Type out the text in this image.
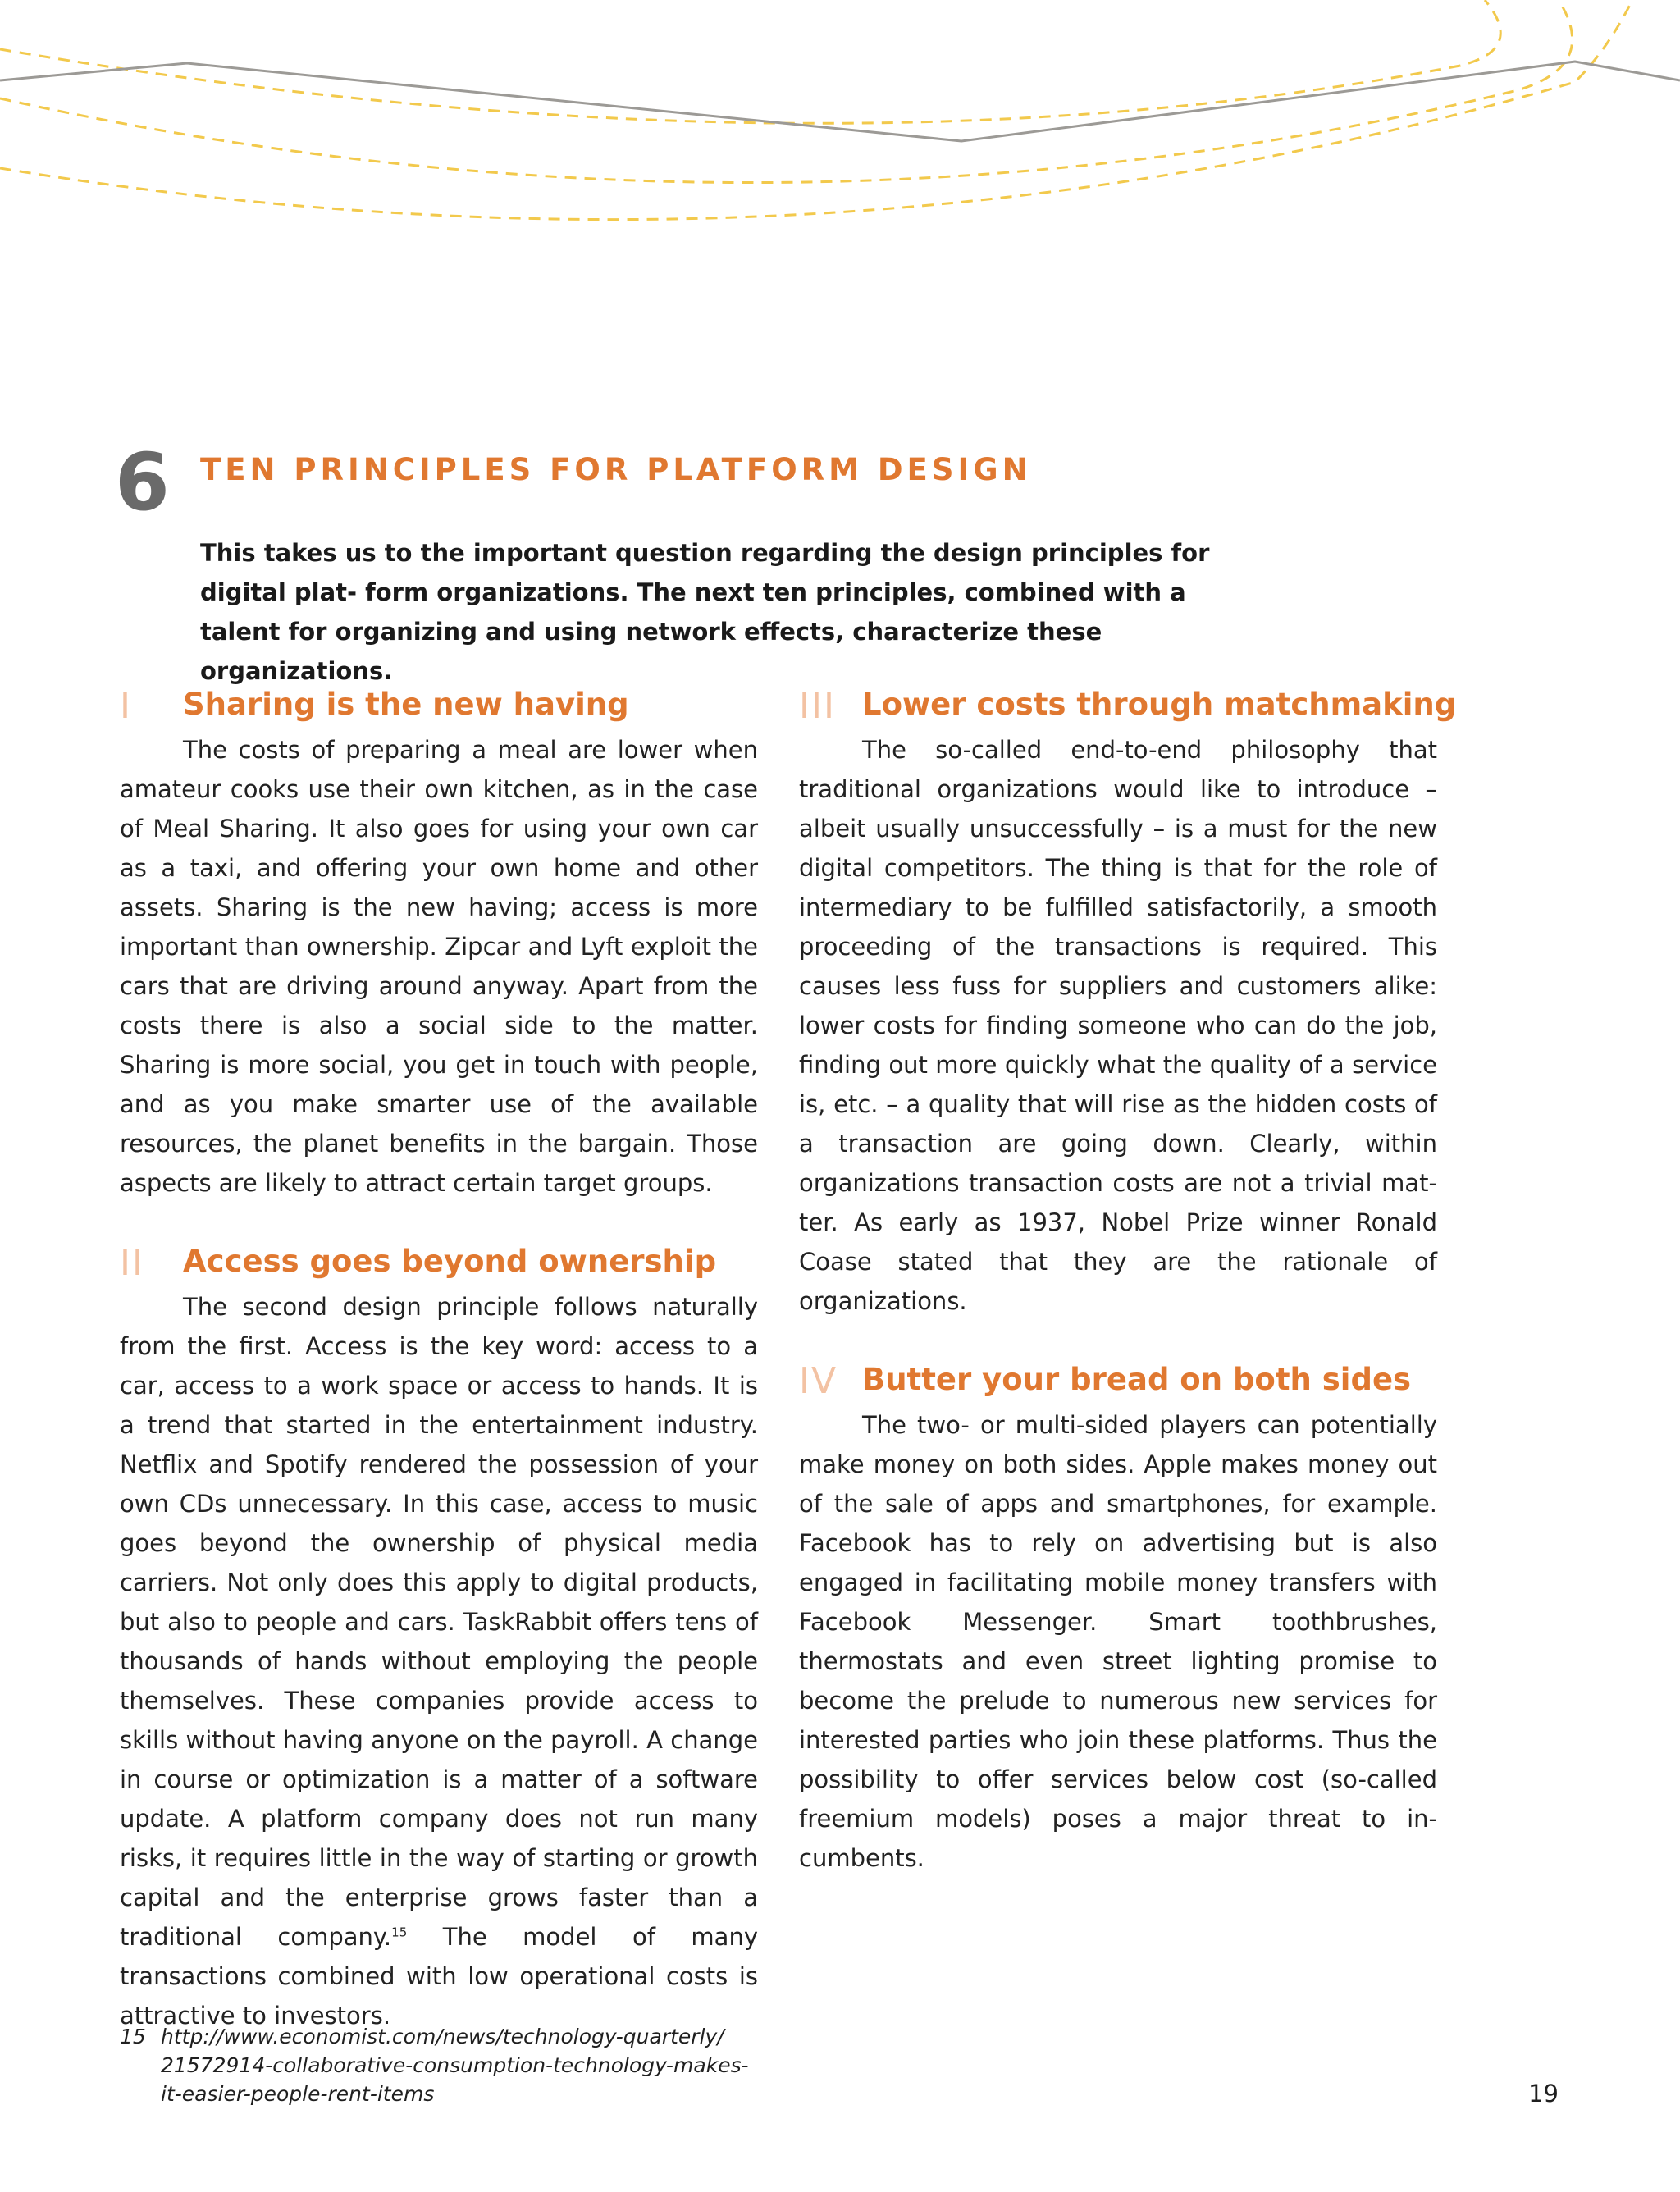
6 TEN PRINCIPLES FOR PLATFORM DESIGN
This takes us to the important question regarding the design principles for digital plat- form organizations. The next ten principles, combined with a talent for organizing and using network effects, characterize these organizations.
I Sharing is the new having

The costs of preparing a meal are lower when amateur cooks use their own kitchen, as in the case of Meal Sharing. It also goes for using your own car as a taxi, and offering your own home and other assets. Sharing is the new having; access is more important than ownership. Zipcar and Lyft exploit the cars that are driving around anyway. Apart from the costs there is also a social side to the matter. Sharing is more social, you get in touch with people, and as you make smarter use of the available resources, the planet benefits in the bargain. Those aspects are likely to attract certain target groups.

II Access goes beyond ownership

The second design principle follows naturally from the first. Access is the key word: access to a car, access to a work space or access to hands. It is a trend that started in the entertainment industry. Netflix and Spotify rendered the possession of your own CDs unnecessary. In this case, access to music goes beyond the ownership of physical media carriers. Not only does this apply to digital products, but also to people and cars. TaskRabbit offers tens of thousands of hands without employing the people themselves. These companies provide access to skills without having anyone on the payroll. A change in course or optimization is a matter of a software update. A platform company does not run many risks, it requires little in the way of starting or growth capital and the enterprise grows faster than a traditional company.$^{15}$ The model of many transactions combined with low operational costs is attractive to investors.

III Lower costs through matchmaking

The so-called end-to-end philosophy that traditional organizations would like to introduce – albeit usually unsuccessfully – is a must for the new digital competitors. The thing is that for the role of intermediary to be fulfilled satisfactorily, a smooth proceeding of the transactions is required. This causes less fuss for suppliers and customers alike: lower costs for finding someone who can do the job, finding out more quickly what the quality of a service is, etc. – a quality that will rise as the hidden costs of a transaction are going down. Clearly, within organizations transaction costs are not a trivial matter. As early as 1937, Nobel Prize winner Ronald Coase stated that they are the rationale of organizations.

IV Butter your bread on both sides

The two- or multi-sided players can potentially make money on both sides. Apple makes money out of the sale of apps and smartphones, for example. Facebook has to rely on advertising but is also engaged in facilitating mobile money transfers with Facebook Messenger. Smart toothbrushes, thermostats and even street lighting promise to become the prelude to numerous new services for interested parties who join these platforms. Thus the possibility to offer services below cost (so-called freemium models) poses a major threat to incumbents.

15 http://www.economist.com/news/technology-quarterly/
21572914-collaborative-consumption-technology-makes-
it-easier-people-rent-items	19
